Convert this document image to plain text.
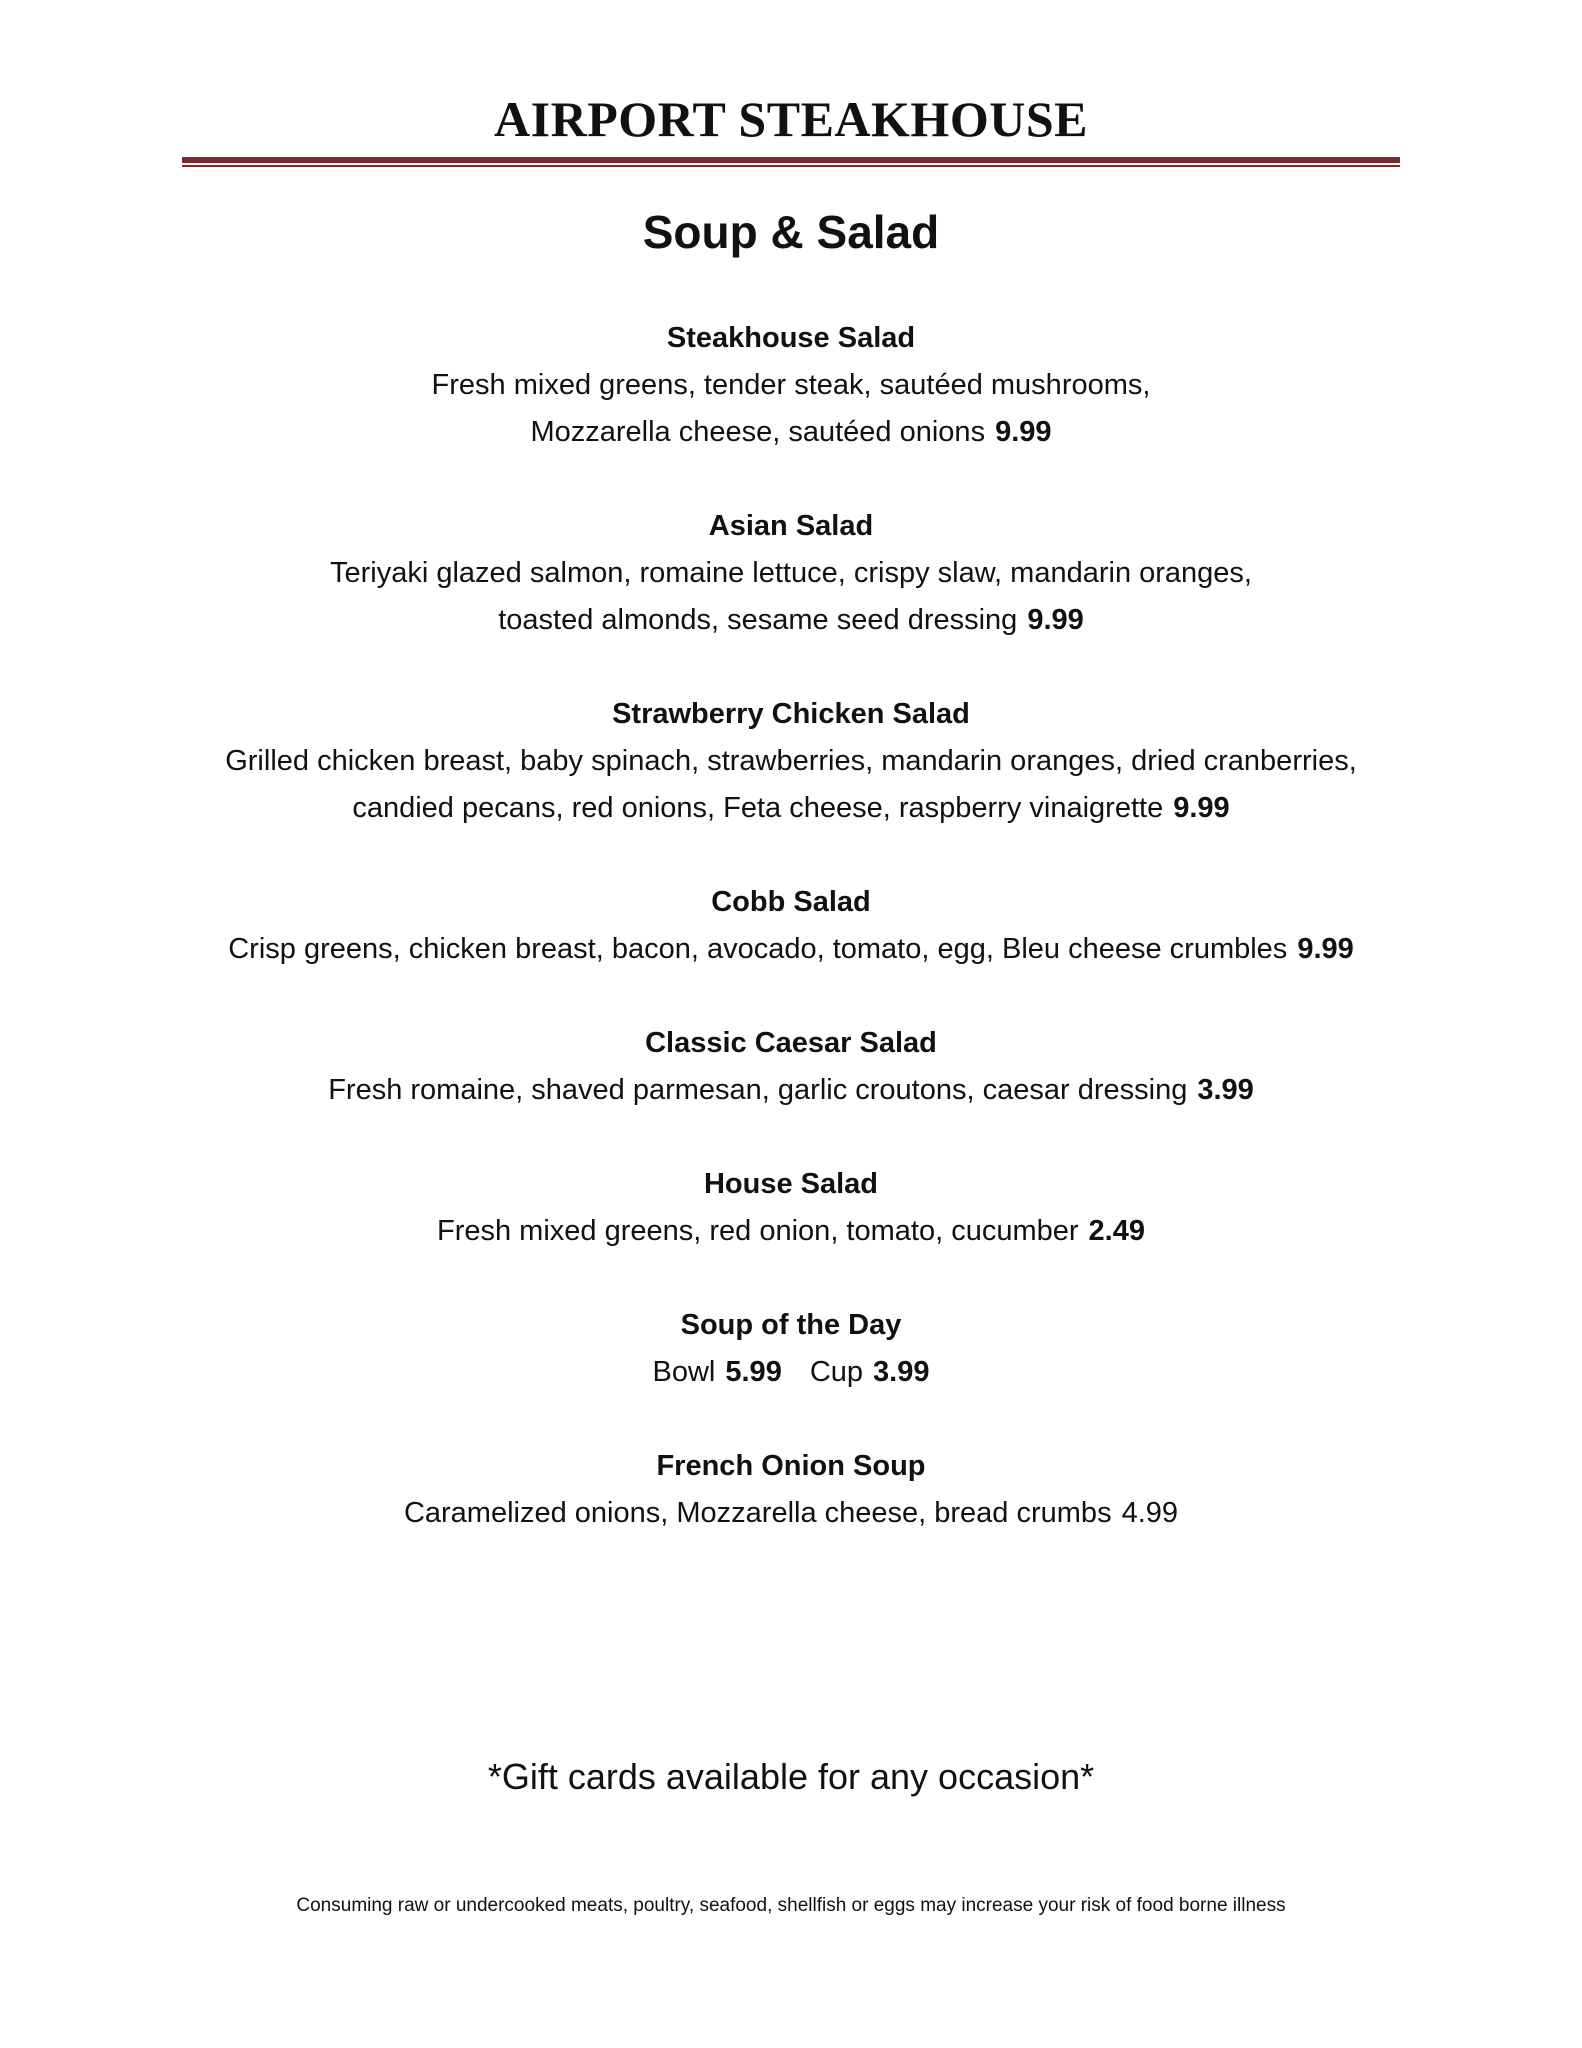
AIRPORT STEAKHOUSE
Soup & Salad

Steakhouse Salad

Fresh mixed greens, tender steak, sautéed mushrooms,

Mozzarella cheese, sautéed onions 9.99

Asian Salad

Teriyaki glazed salmon, romaine lettuce, crispy slaw, mandarin oranges,

toasted almonds, sesame seed dressing 9.99

Strawberry Chicken Salad

Grilled chicken breast, baby spinach, strawberries, mandarin oranges, dried cranberries,

candied pecans, red onions, Feta cheese, raspberry vinaigrette 9.99

Cobb Salad

Crisp greens, chicken breast, bacon, avocado, tomato, egg, Bleu cheese crumbles 9.99

Classic Caesar Salad

Fresh romaine, shaved parmesan, garlic croutons, caesar dressing 3.99

House Salad

Fresh mixed greens, red onion, tomato, cucumber 2.49

Soup of the Day

Bowl 5.99 Cup 3.99

French Onion Soup

Caramelized onions, Mozzarella cheese, bread crumbs 4.99

*Gift cards available for any occasion*

Consuming raw or undercooked meats, poultry, seafood, shellfish or eggs may increase your risk of food borne illness
